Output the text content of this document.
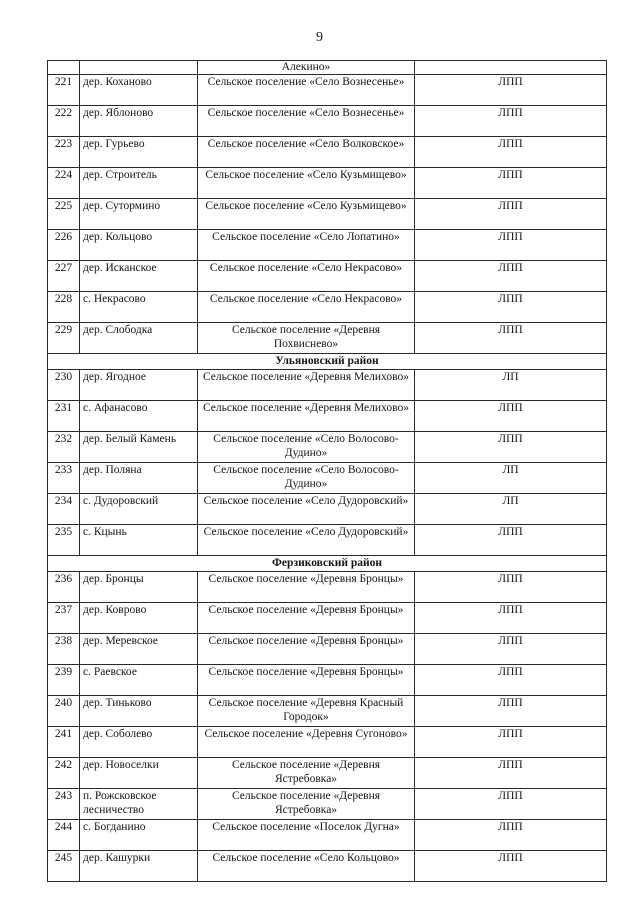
9
		Алекино»	
221	дер. Коханово	Сельское поселение «Село Вознесенье»	ЛПП
222	дер. Яблоново	Сельское поселение «Село Вознесенье»	ЛПП
223	дер. Гурьево	Сельское поселение «Село Волковское»	ЛПП
224	дер. Строитель	Сельское поселение «Село Кузьмищево»	ЛПП
225	дер. Сутормино	Сельское поселение «Село Кузьмищево»	ЛПП
226	дер. Кольцово	Сельское поселение «Село Лопатино»	ЛПП
227	дер. Исканское	Сельское поселение «Село Некрасово»	ЛПП
228	с. Некрасово	Сельское поселение «Село Некрасово»	ЛПП
229	дер. Слободка	Сельское поселение «Деревня Похвиснево»	ЛПП
Ульяновский район			
230	дер. Ягодное	Сельское поселение «Деревня Мелихово»	ЛП
231	с. Афанасово	Сельское поселение «Деревня Мелихово»	ЛПП
232	дер. Белый Камень	Сельское поселение «Село Волосово-Дудино»	ЛПП
233	дер. Поляна	Сельское поселение «Село Волосово-Дудино»	ЛП
234	с. Дудоровский	Сельское поселение «Село Дудоровский»	ЛП
235	с. Кцынь	Сельское поселение «Село Дудоровский»	ЛПП
Ферзиковский район			
236	дер. Бронцы	Сельское поселение «Деревня Бронцы»	ЛПП
237	дер. Коврово	Сельское поселение «Деревня Бронцы»	ЛПП
238	дер. Меревское	Сельское поселение «Деревня Бронцы»	ЛПП
239	с. Раевское	Сельское поселение «Деревня Бронцы»	ЛПП
240	дер. Тиньково	Сельское поселение «Деревня Красный Городок»	ЛПП
241	дер. Соболево	Сельское поселение «Деревня Сугоново»	ЛПП
242	дер. Новоселки	Сельское поселение «Деревня Ястребовка»	ЛПП
243	п. Рожсковское лесничество	Сельское поселение «Деревня Ястребовка»	ЛПП
244	с. Богданино	Сельское поселение «Поселок Дугна»	ЛПП
245	дер. Кашурки	Сельское поселение «Село Кольцово»	ЛПП
